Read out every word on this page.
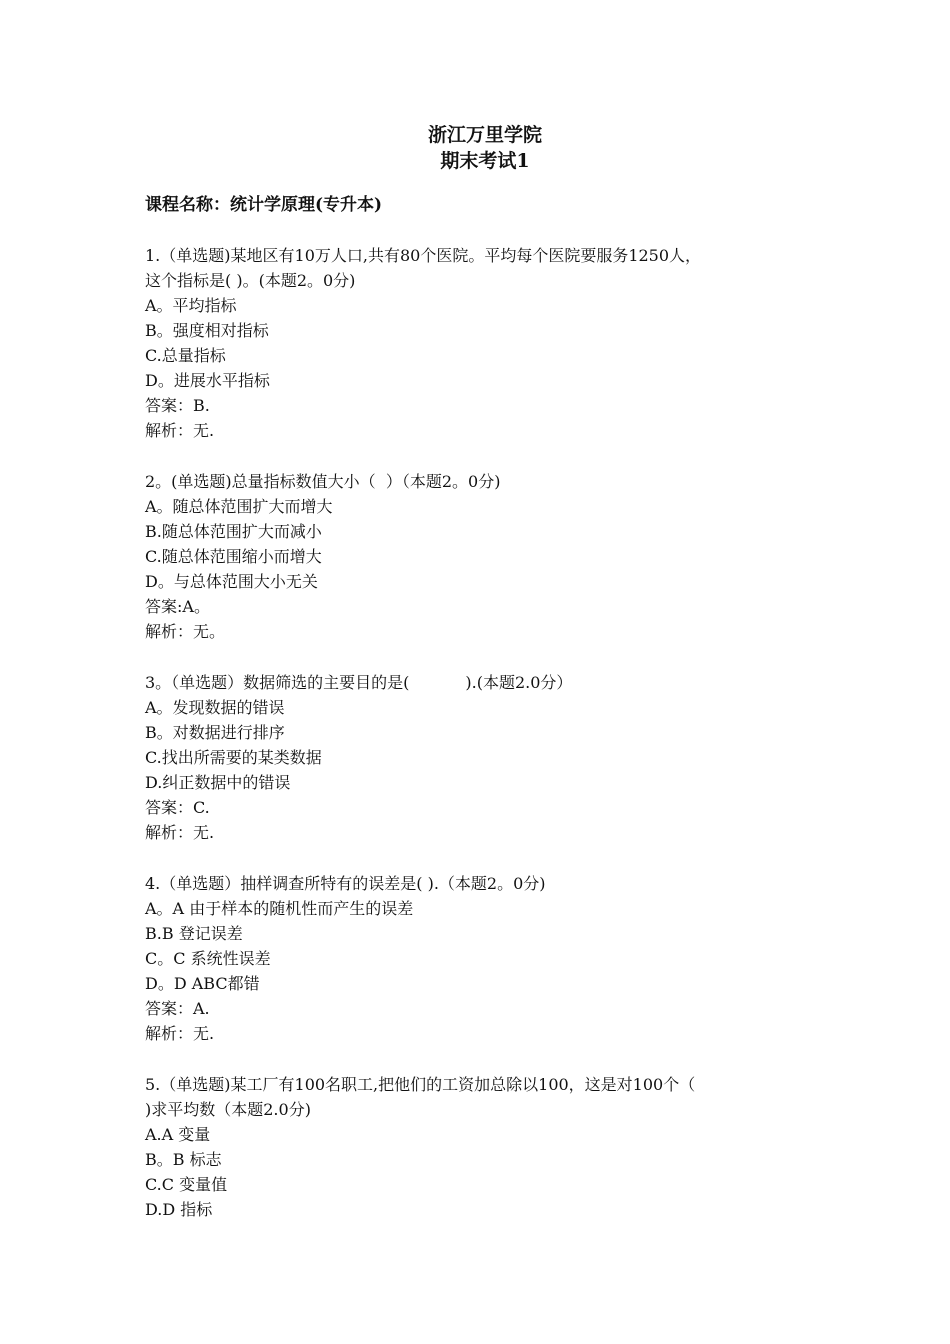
浙江万里学院
期末考试1
课程名称：统计学原理(专升本)
1.（单选题)某地区有10万人口,共有80个医院。平均每个医院要服务1250人，
这个指标是( )。(本题2。0分)
A。平均指标
B。强度相对指标
C.总量指标
D。进展水平指标
答案：B.
解析：无.
2。(单选题)总量指标数值大小（  ）（本题2。0分)
A。随总体范围扩大而增大
B.随总体范围扩大而减小
C.随总体范围缩小而增大
D。与总体范围大小无关
答案:A。
解析：无。
3。（单选题）数据筛选的主要目的是(           ).(本题2.0分）
A。发现数据的错误
B。对数据进行排序
C.找出所需要的某类数据
D.纠正数据中的错误
答案：C.
解析：无.
4.（单选题）抽样调查所特有的误差是( ).（本题2。0分)
A。A 由于样本的随机性而产生的误差
B.B 登记误差
C。C 系统性误差
D。D ABC都错
答案：A.
解析：无.
5.（单选题)某工厂有100名职工,把他们的工资加总除以100，这是对100个（
)求平均数（本题2.0分)
A.A 变量
B。B 标志
C.C 变量值
D.D 指标
